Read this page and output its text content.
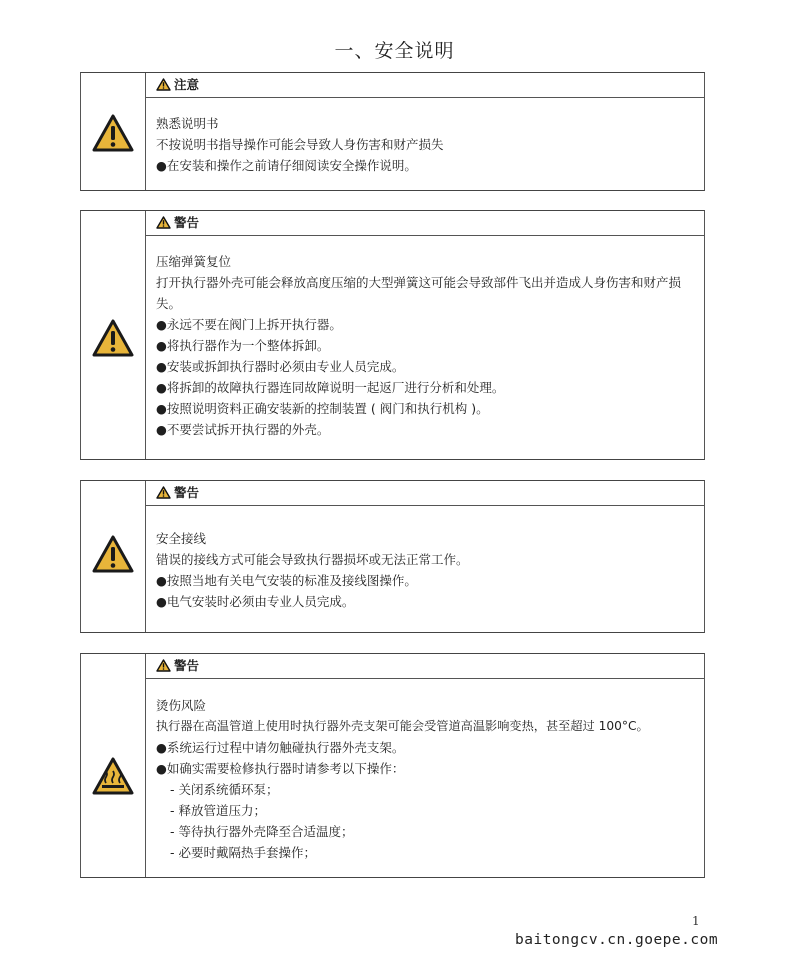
一、安全说明
注意
熟悉说明书
不按说明书指导操作可能会导致人身伤害和财产损失
●在安装和操作之前请仔细阅读安全操作说明。
警告
压缩弹簧复位
打开执行器外壳可能会释放高度压缩的大型弹簧这可能会导致部件飞出并造成人身伤害和财产损失。
●永远不要在阀门上拆开执行器。
●将执行器作为一个整体拆卸。
●安装或拆卸执行器时必须由专业人员完成。
●将拆卸的故障执行器连同故障说明一起返厂进行分析和处理。
●按照说明资料正确安装新的控制装置 ( 阀门和执行机构 )。
●不要尝试拆开执行器的外壳。
警告
安全接线
错误的接线方式可能会导致执行器损坏或无法正常工作。
●按照当地有关电气安装的标准及接线图操作。
●电气安装时必须由专业人员完成。
警告
烫伤风险
执行器在高温管道上使用时执行器外壳支架可能会受管道高温影响变热，甚至超过 100°C。
●系统运行过程中请勿触碰执行器外壳支架。
●如确实需要检修执行器时请参考以下操作：
- 关闭系统循环泵；
- 释放管道压力；
- 等待执行器外壳降至合适温度；
- 必要时戴隔热手套操作；
1
baitongcv.cn.goepe.com
